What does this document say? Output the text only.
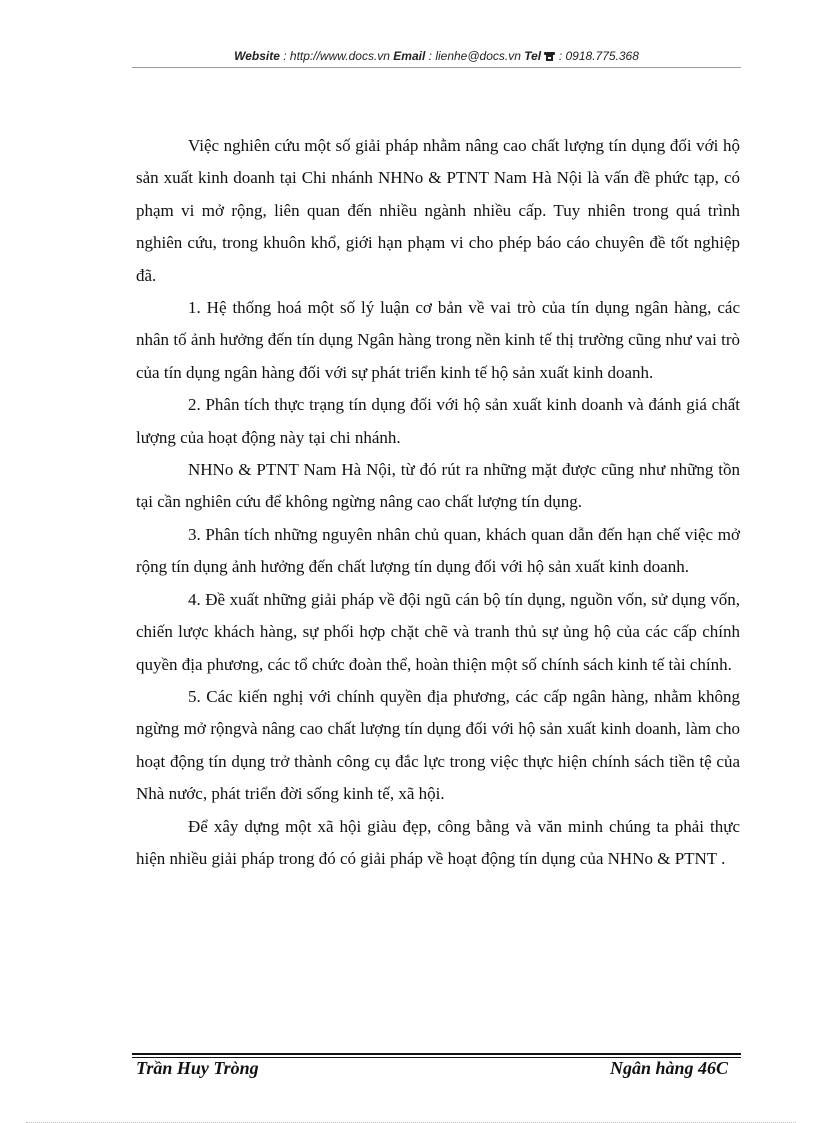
Website : http://www.docs.vn Email : lienhe@docs.vn Tel : 0918.775.368

Việc nghiên cứu một số giải pháp nhằm nâng cao chất lượng tín dụng đối với hộ sản xuất kinh doanh tại Chi nhánh NHNo & PTNT Nam Hà Nội là vấn đề phức tạp, có phạm vi mở rộng, liên quan đến nhiều ngành nhiều cấp. Tuy nhiên trong quá trình nghiên cứu, trong khuôn khổ, giới hạn phạm vi cho phép báo cáo chuyên đề tốt nghiệp đã.

1. Hệ thống hoá một số lý luận cơ bản về vai trò của tín dụng ngân hàng, các nhân tố ảnh hưởng đến tín dụng Ngân hàng trong nền kinh tế thị trường cũng như vai trò của tín dụng ngân hàng đối với sự phát triển kinh tế hộ sản xuất kinh doanh.

2. Phân tích thực trạng tín dụng đối với hộ sản xuất kinh doanh và đánh giá chất lượng của hoạt động này tại chi nhánh.

NHNo & PTNT Nam Hà Nội, từ đó rút ra những mặt được cũng như những tồn tại cần nghiên cứu để không ngừng nâng cao chất lượng tín dụng.

3. Phân tích những nguyên nhân chủ quan, khách quan dẫn đến hạn chế việc mở rộng tín dụng ảnh hưởng đến chất lượng tín dụng đối với hộ sản xuất kinh doanh.

4. Đề xuất những giải pháp về đội ngũ cán bộ tín dụng, nguồn vốn, sử dụng vốn, chiến lược khách hàng, sự phối hợp chặt chẽ và tranh thủ sự ủng hộ của các cấp chính quyền địa phương, các tổ chức đoàn thể, hoàn thiện một số chính sách kinh tế tài chính.

5. Các kiến nghị với chính quyền địa phương, các cấp ngân hàng, nhằm không ngừng mở rộngvà nâng cao chất lượng tín dụng đối với hộ sản xuất kinh doanh, làm cho hoạt động tín dụng trở thành công cụ đắc lực trong việc thực hiện chính sách tiền tệ của Nhà nước, phát triển đời sống kinh tế, xã hội.

Để xây dựng một xã hội giàu đẹp, công bằng và văn minh chúng ta phải thực hiện nhiều giải pháp trong đó có giải pháp về hoạt động tín dụng của NHNo & PTNT .

Trần Huy Tròng	Ngân hàng 46C
